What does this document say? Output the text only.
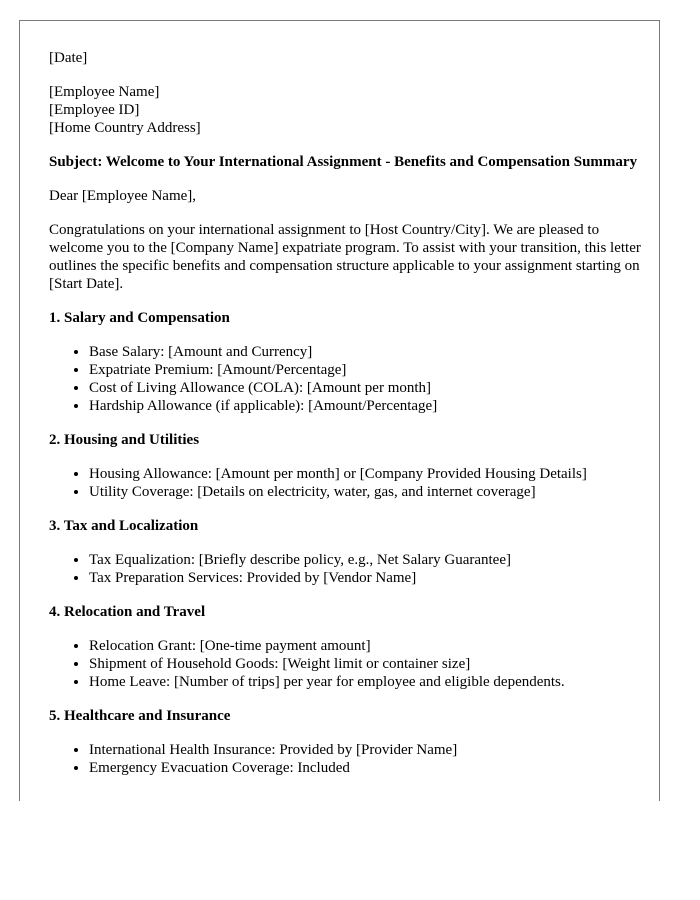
[Date]

[Employee Name]

[Employee ID]

[Home Country Address]

Subject: Welcome to Your International Assignment - Benefits and Compensation Summary

Dear [Employee Name],

Congratulations on your international assignment to [Host Country/City]. We are pleased to welcome you to the [Company Name] expatriate program. To assist with your transition, this letter outlines the specific benefits and compensation structure applicable to your assignment starting on [Start Date].

1. Salary and Compensation
• Base Salary: [Amount and Currency]
• Expatriate Premium: [Amount/Percentage]
• Cost of Living Allowance (COLA): [Amount per month]
• Hardship Allowance (if applicable): [Amount/Percentage]
2. Housing and Utilities
• Housing Allowance: [Amount per month] or [Company Provided Housing Details]
• Utility Coverage: [Details on electricity, water, gas, and internet coverage]
3. Tax and Localization
• Tax Equalization: [Briefly describe policy, e.g., Net Salary Guarantee]
• Tax Preparation Services: Provided by [Vendor Name]
4. Relocation and Travel
• Relocation Grant: [One-time payment amount]
• Shipment of Household Goods: [Weight limit or container size]
• Home Leave: [Number of trips] per year for employee and eligible dependents.
5. Healthcare and Insurance
• International Health Insurance: Provided by [Provider Name]
• Emergency Evacuation Coverage: Included
